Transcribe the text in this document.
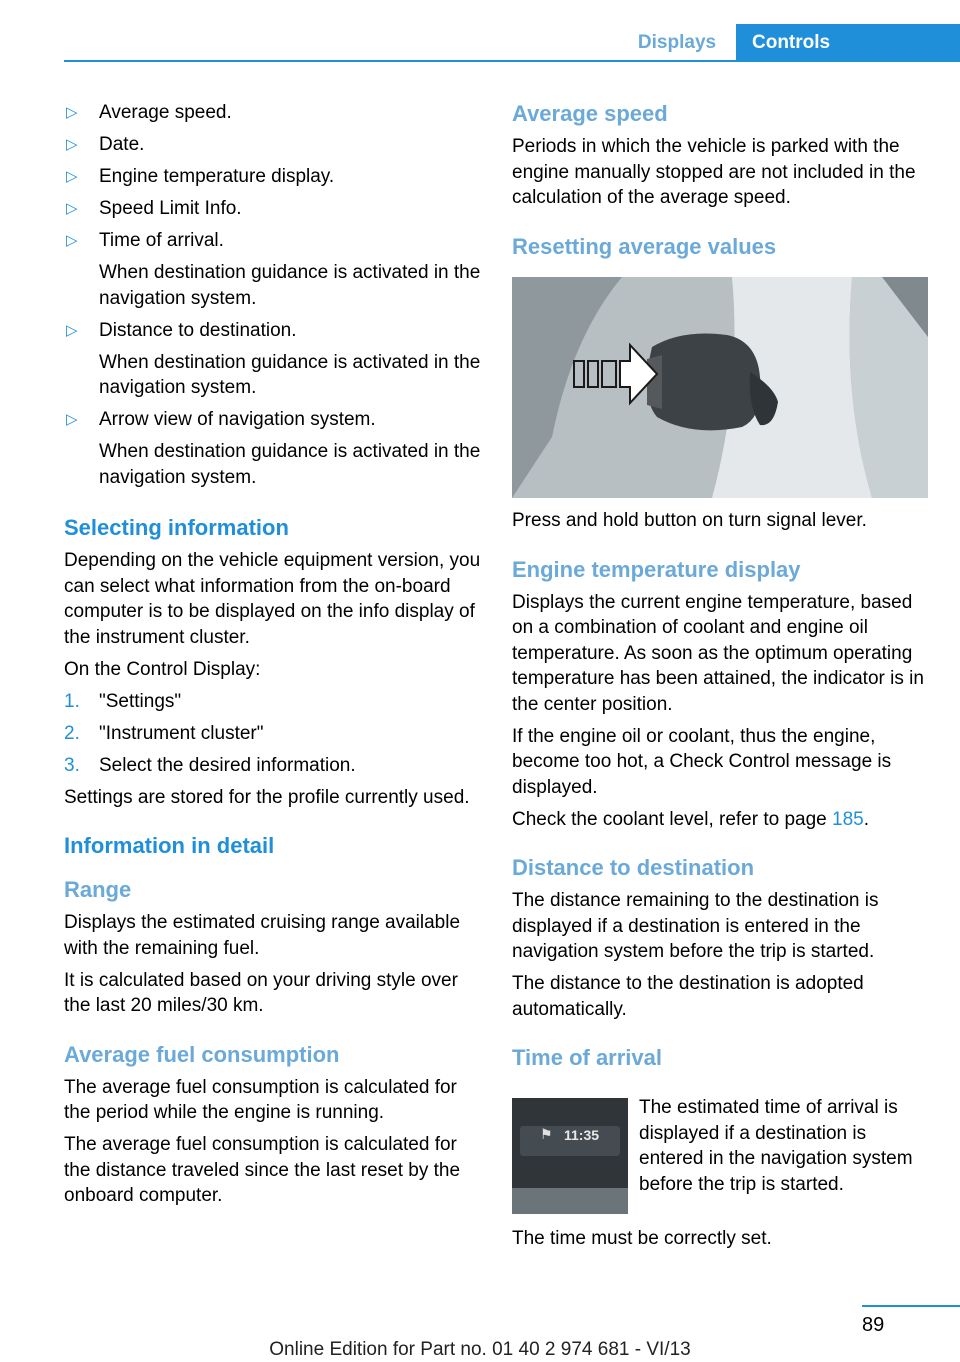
Displays	Controls
▷ Average speed.
▷ Date.
▷ Engine temperature display.
▷ Speed Limit Info.
▷ Time of arrival.
When destination guidance is activated in the navigation system.
▷ Distance to destination.
When destination guidance is activated in the navigation system.
▷ Arrow view of navigation system.
When destination guidance is activated in the navigation system.
Selecting information

Depending on the vehicle equipment version, you can select what information from the on-board computer is to be displayed on the info display of the instrument cluster.

On the Control Display:

1. "Settings"
2. "Instrument cluster"
3. Select the desired information.

Settings are stored for the profile currently used.

Information in detail
Range

Displays the estimated cruising range available with the remaining fuel.

It is calculated based on your driving style over the last 20 miles/30 km.

Average fuel consumption

The average fuel consumption is calculated for the period while the engine is running.

The average fuel consumption is calculated for the distance traveled since the last reset by the onboard computer.

Average speed

Periods in which the vehicle is parked with the engine manually stopped are not included in the calculation of the average speed.

Resetting average values

Press and hold button on turn signal lever.

Engine temperature display

Displays the current engine temperature, based on a combination of coolant and engine oil temperature. As soon as the optimum operating temperature has been attained, the indicator is in the center position.

If the engine oil or coolant, thus the engine, become too hot, a Check Control message is displayed.

Check the coolant level, refer to page 185.

Distance to destination

The distance remaining to the destination is displayed if a destination is entered in the navigation system before the trip is started.

The distance to the destination is adopted automatically.

Time of arrival
⚑ 11:35

The estimated time of arrival is displayed if a destination is entered in the navigation system before the trip is started.

The time must be correctly set.

89
Online Edition for Part no. 01 40 2 974 681 - VI/13
